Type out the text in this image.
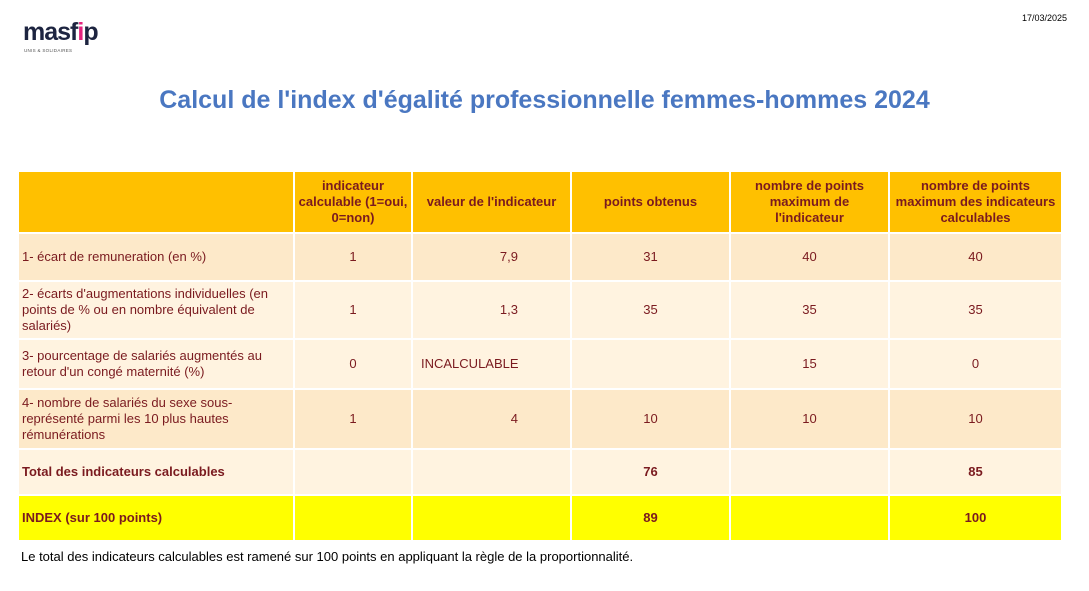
masfip
UNIS & SOLIDAIRES
17/03/2025
Calcul de l'index d'égalité professionnelle femmes-hommes 2024
	indicateur calculable (1=oui, 0=non)	valeur de l'indicateur	points obtenus	nombre de points maximum de l'indicateur	nombre de points maximum des indicateurs calculables
1- écart de remuneration (en %)	1	7,9	31	40	40
2- écarts d'augmentations individuelles (en points de % ou en nombre équivalent de salariés)	1	1,3	35	35	35
3- pourcentage de salariés augmentés au retour d'un congé maternité (%)	0	INCALCULABLE		15	0
4- nombre de salariés du sexe sous-représenté parmi les 10 plus hautes rémunérations	1	4	10	10	10
Total des indicateurs calculables			76		85
INDEX (sur 100 points)			89		100
Le total des indicateurs calculables est ramené sur 100 points en appliquant la règle de la proportionnalité.
